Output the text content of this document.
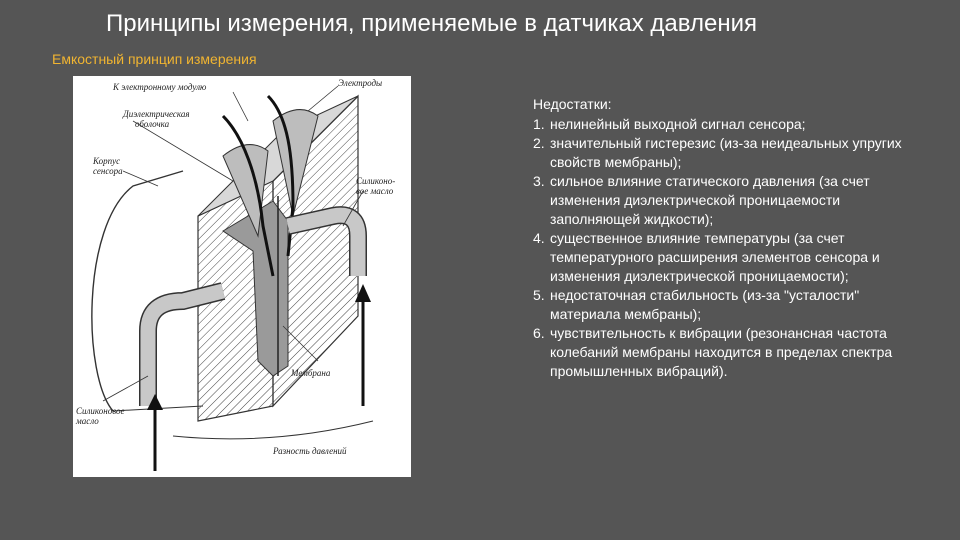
Принципы измерения, применяемые в датчиках давления
Емкостный принцип измерения
К электронному модулю	Электроды
Диэлектрическая
оболочка
Корпус
сенсора
Силиконо-
вое масло
Мембрана
Силиконовое
масло
Разность давлений
Недостатки:
1. нелинейный выходной сигнал сенсора;
2. значительный гистерезис (из-за неидеальных упругих свойств мембраны);
3. сильное влияние статического давления (за счет изменения диэлектрической проницаемости заполняющей жидкости);
4. существенное влияние температуры (за счет температурного расширения элементов сенсора и изменения диэлектрической проницаемости);
5. недостаточная стабильность (из-за "усталости" материала мембраны);
6. чувствительность к вибрации (резонансная частота колебаний мембраны находится в пределах спектра промышленных вибраций).
